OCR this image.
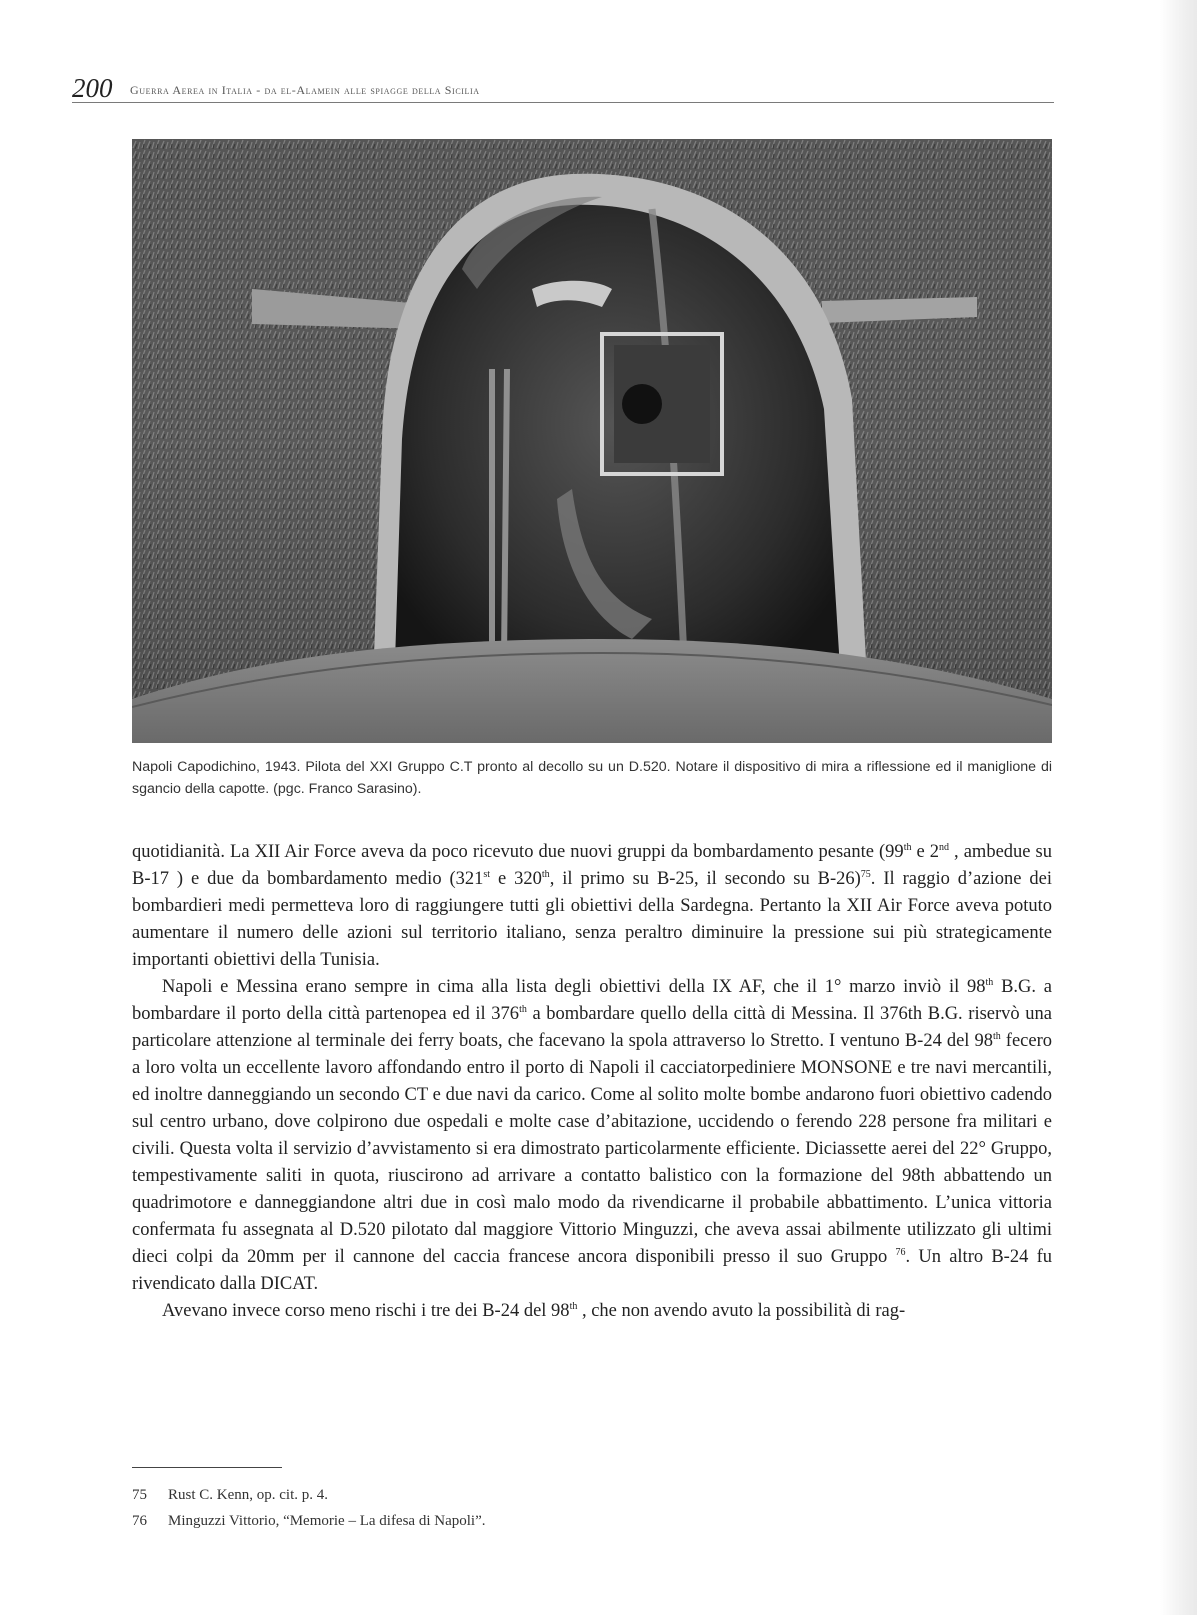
200 Guerra Aerea in Italia - da el-Alamein alle spiagge della Sicilia

Napoli Capodichino, 1943. Pilota del XXI Gruppo C.T pronto al decollo su un D.520. Notare il dispositivo di mira a riflessione ed il maniglione di sgancio della capotte. (pgc. Franco Sarasino).

quotidianità. La XII Air Force aveva da poco ricevuto due nuovi gruppi da bombardamento pesante (99th e 2nd , ambedue su B-17 ) e due da bombardamento medio (321st e 320th, il primo su B-25, il secondo su B-26)$^{75}$. Il raggio d’azione dei bombardieri medi permetteva loro di raggiungere tutti gli obiettivi della Sardegna. Pertanto la XII Air Force aveva potuto aumentare il numero delle azioni sul territorio italiano, senza peraltro diminuire la pressione sui più strategicamente importanti obiettivi della Tunisia.

Napoli e Messina erano sempre in cima alla lista degli obiettivi della IX AF, che il 1° marzo inviò il 98th B.G. a bombardare il porto della città partenopea ed il 376th a bombardare quello della città di Messina. Il 376th B.G. riservò una particolare attenzione al terminale dei ferry boats, che facevano la spola attraverso lo Stretto. I ventuno B-24 del 98th fecero a loro volta un eccellente lavoro affondando entro il porto di Napoli il cacciatorpediniere MONSONE e tre navi mercantili, ed inoltre danneggiando un secondo CT e due navi da carico. Come al solito molte bombe andarono fuori obiettivo cadendo sul centro urbano, dove colpirono due ospedali e molte case d’abitazione, uccidendo o ferendo 228 persone fra militari e civili. Questa volta il servizio d’avvistamento si era dimostrato particolarmente efficiente. Diciassette aerei del 22° Gruppo, tempestivamente saliti in quota, riuscirono ad arrivare a contatto balistico con la formazione del 98th abbattendo un quadrimotore e danneggiandone altri due in così malo modo da rivendicarne il probabile abbattimento. L’unica vittoria confermata fu assegnata al D.520 pilotato dal maggiore Vittorio Minguzzi, che aveva assai abilmente utilizzato gli ultimi dieci colpi da 20mm per il cannone del caccia francese ancora disponibili presso il suo Gruppo $^{76}$. Un altro B-24 fu rivendicato dalla DICAT.

Avevano invece corso meno rischi i tre dei B-24 del 98th , che non avendo avuto la possibilità di rag-

75	Rust C. Kenn, op. cit. p. 4.
76	Minguzzi Vittorio, “Memorie – La difesa di Napoli”.
